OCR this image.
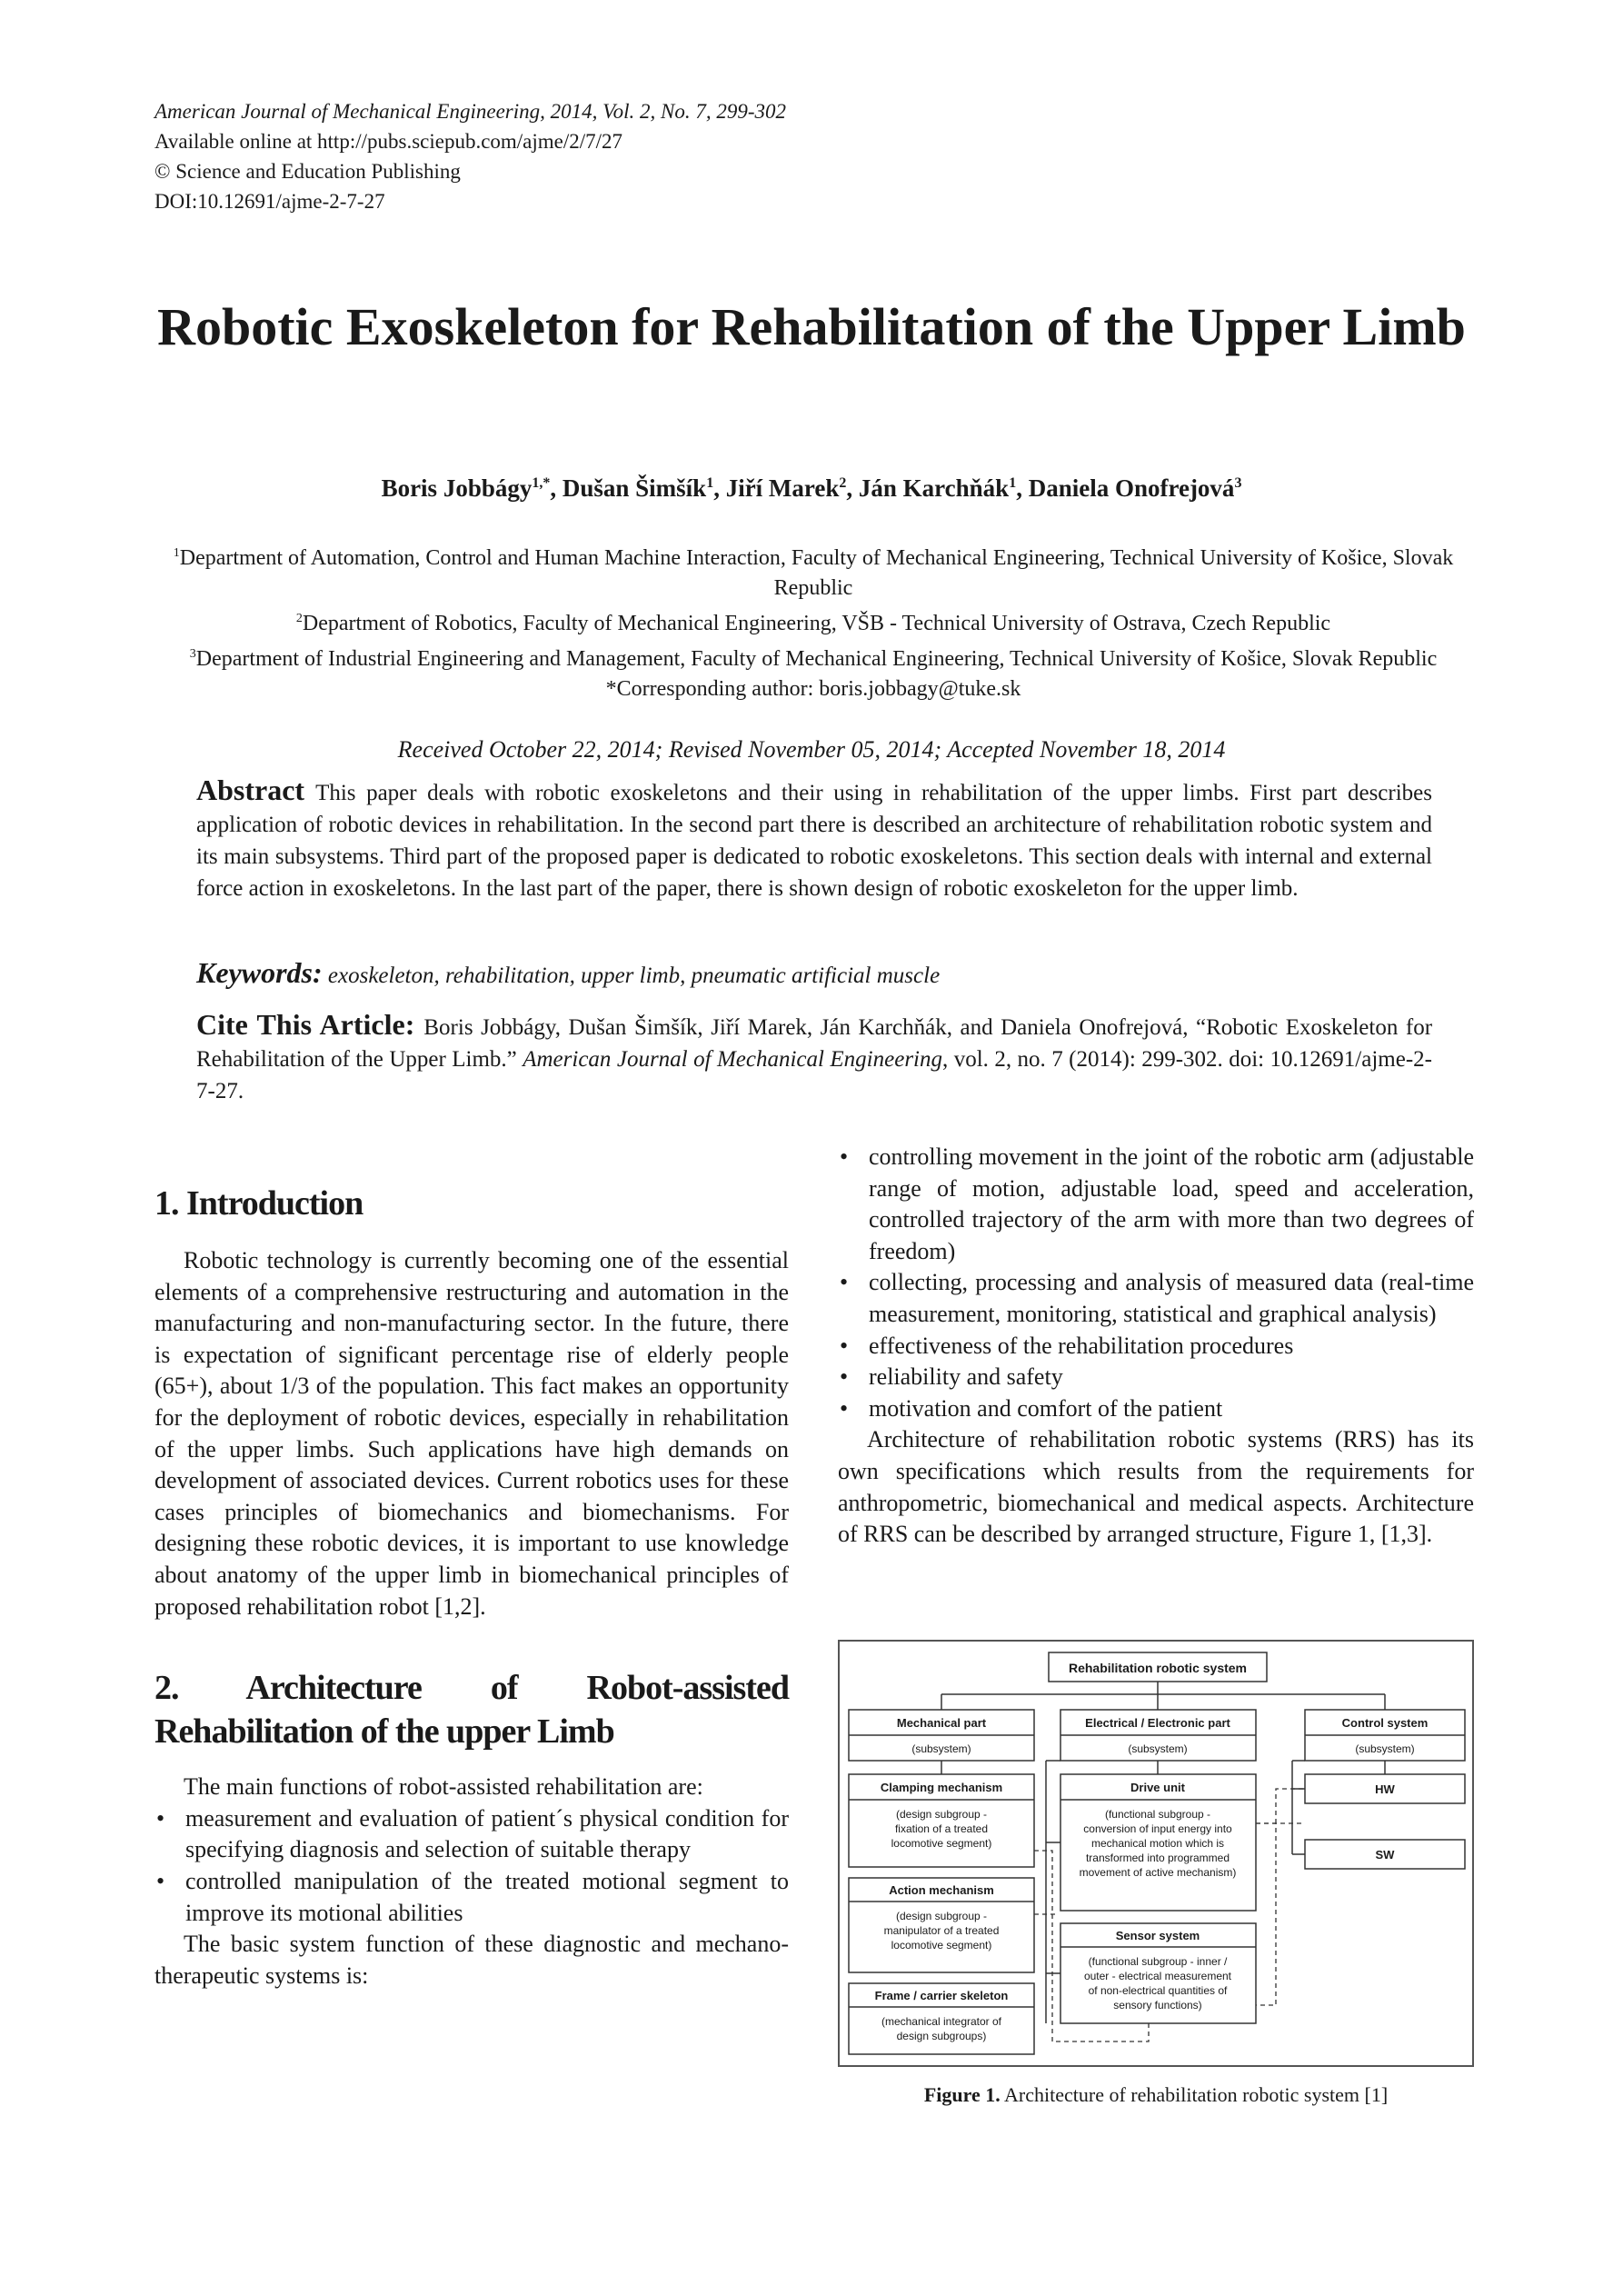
American Journal of Mechanical Engineering, 2014, Vol. 2, No. 7, 299-302
Available online at http://pubs.sciepub.com/ajme/2/7/27
© Science and Education Publishing
DOI:10.12691/ajme-2-7-27
Robotic Exoskeleton for Rehabilitation of the Upper Limb
Boris Jobbágy$^{1,*}$, Dušan Šimšík$^1$, Jiří Marek$^2$, Ján Karchňák$^1$, Daniela Onofrejová$^3$
$^1$Department of Automation, Control and Human Machine Interaction, Faculty of Mechanical Engineering, Technical University of Košice, Slovak Republic
$^2$Department of Robotics, Faculty of Mechanical Engineering, VŠB - Technical University of Ostrava, Czech Republic
$^3$Department of Industrial Engineering and Management, Faculty of Mechanical Engineering, Technical University of Košice, Slovak Republic
*Corresponding author: boris.jobbagy@tuke.sk
Received October 22, 2014; Revised November 05, 2014; Accepted November 18, 2014
Abstract This paper deals with robotic exoskeletons and their using in rehabilitation of the upper limbs. First part describes application of robotic devices in rehabilitation. In the second part there is described an architecture of rehabilitation robotic system and its main subsystems. Third part of the proposed paper is dedicated to robotic exoskeletons. This section deals with internal and external force action in exoskeletons. In the last part of the paper, there is shown design of robotic exoskeleton for the upper limb.
Keywords: exoskeleton, rehabilitation, upper limb, pneumatic artificial muscle
Cite This Article: Boris Jobbágy, Dušan Šimšík, Jiří Marek, Ján Karchňák, and Daniela Onofrejová, “Robotic Exoskeleton for Rehabilitation of the Upper Limb.” American Journal of Mechanical Engineering, vol. 2, no. 7 (2014): 299-302. doi: 10.12691/ajme-2-7-27.
1. Introduction

Robotic technology is currently becoming one of the essential elements of a comprehensive restructuring and automation in the manufacturing and non-manufacturing sector. In the future, there is expectation of significant percentage rise of elderly people (65+), about 1/3 of the population. This fact makes an opportunity for the deployment of robotic devices, especially in rehabilitation of the upper limbs. Such applications have high demands on development of associated devices. Current robotics uses for these cases principles of biomechanics and biomechanisms. For designing these robotic devices, it is important to use knowledge about anatomy of the upper limb in biomechanical principles of proposed rehabilitation robot [1,2].

2. Architecture of Robot-assisted
Rehabilitation of the upper Limb

The main functions of robot-assisted rehabilitation are:

• measurement and evaluation of patient´s physical condition for specifying diagnosis and selection of suitable therapy
• controlled manipulation of the treated motional segment to improve its motional abilities

The basic system function of these diagnostic and mechano-therapeutic systems is:

• controlling movement in the joint of the robotic arm (adjustable range of motion, adjustable load, speed and acceleration, controlled trajectory of the arm with more than two degrees of freedom)
• collecting, processing and analysis of measured data (real-time measurement, monitoring, statistical and graphical analysis)
• effectiveness of the rehabilitation procedures
• reliability and safety
• motivation and comfort of the patient

Architecture of rehabilitation robotic systems (RRS) has its own specifications which results from the requirements for anthropometric, biomechanical and medical aspects. Architecture of RRS can be described by arranged structure, Figure 1, [1,3].

Rehabilitation robotic system
Mechanical part
(subsystem)
Electrical / Electronic part
(subsystem)
Control system
(subsystem)
Clamping mechanism
(design subgroup -
fixation of a treated
locomotive segment)
Action mechanism
(design subgroup -
manipulator of a treated
locomotive segment)
Frame / carrier skeleton
(mechanical integrator of
design subgroups)
Drive unit
(functional subgroup -
conversion of input energy into
mechanical motion which is
transformed into programmed
movement of active mechanism)
Sensor system
(functional subgroup - inner /
outer - electrical measurement
of non-electrical quantities of
sensory functions)
HW
SW
Figure 1. Architecture of rehabilitation robotic system [1]
